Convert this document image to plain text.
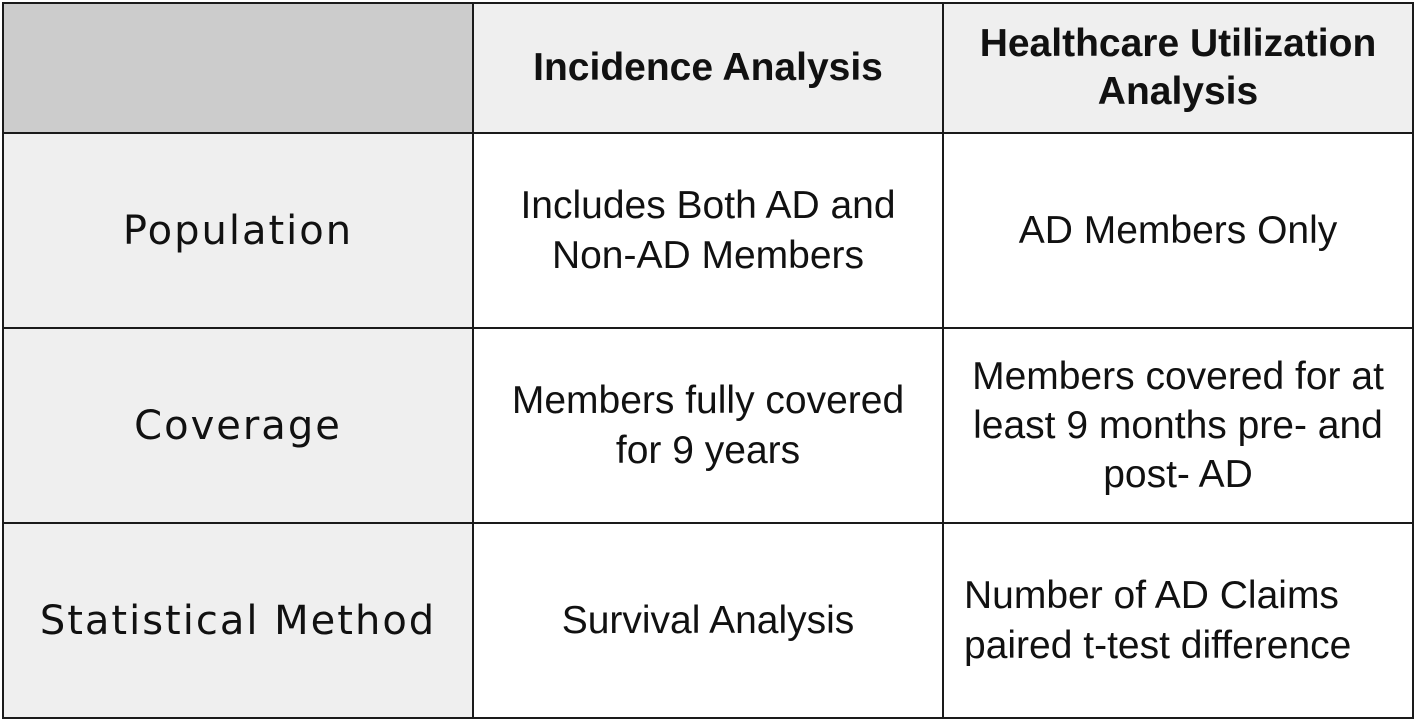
	Incidence Analysis	Healthcare Utilization Analysis
Population	Includes Both AD and Non-AD Members	AD Members Only
Coverage	Members fully covered for 9 years	Members covered for at least 9 months pre- and post- AD
Statistical Method	Survival Analysis	Number of AD Claims paired t-test difference
